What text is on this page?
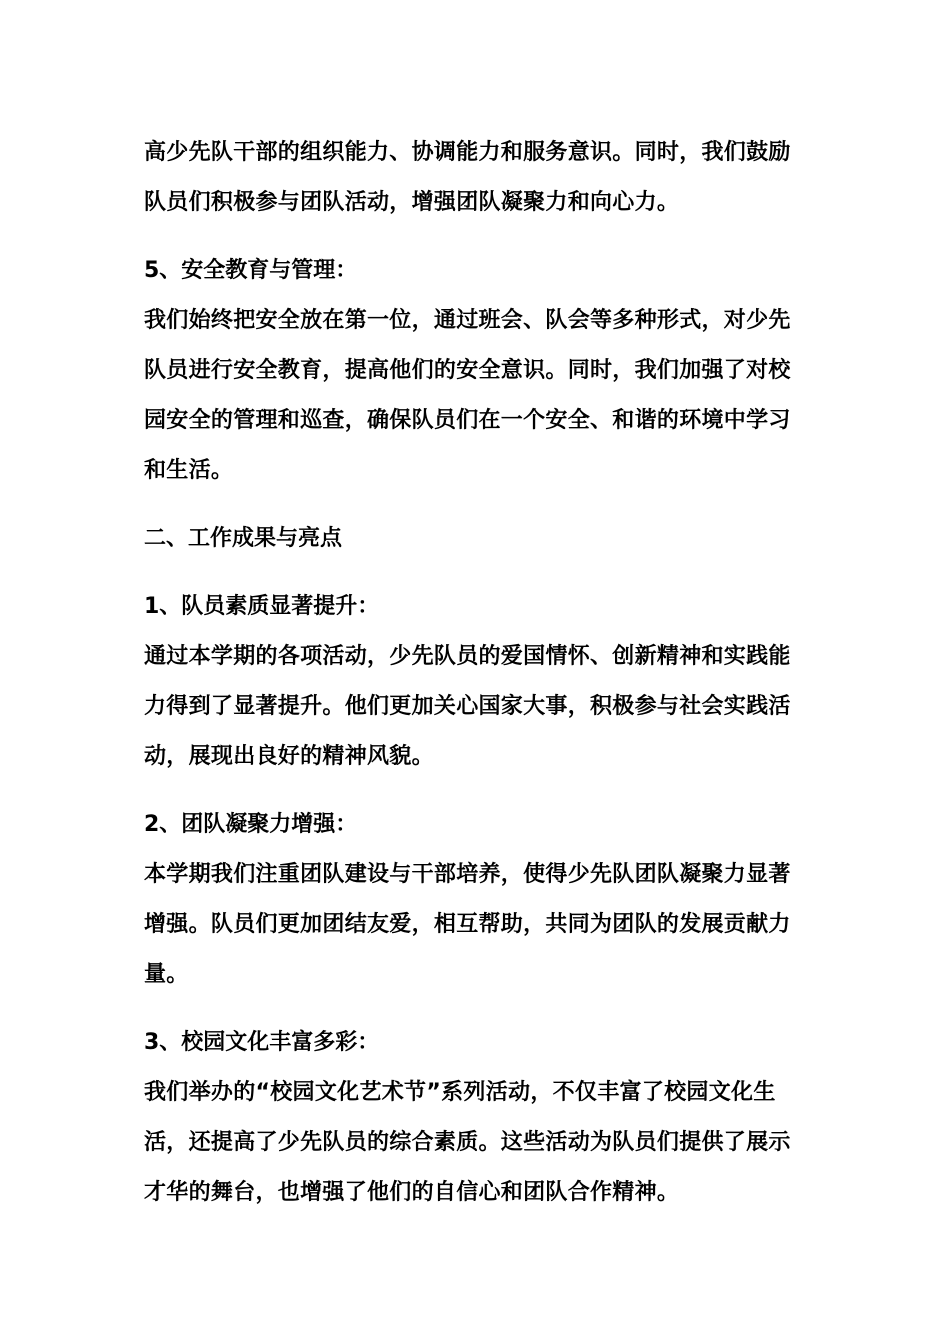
高少先队干部的组织能力、协调能力和服务意识。同时，我们鼓励

队员们积极参与团队活动，增强团队凝聚力和向心力。

5、安全教育与管理：

我们始终把安全放在第一位，通过班会、队会等多种形式，对少先

队员进行安全教育，提高他们的安全意识。同时，我们加强了对校

园安全的管理和巡查，确保队员们在一个安全、和谐的环境中学习

和生活。

二、工作成果与亮点

1、队员素质显著提升：

通过本学期的各项活动，少先队员的爱国情怀、创新精神和实践能

力得到了显著提升。他们更加关心国家大事，积极参与社会实践活

动，展现出良好的精神风貌。

2、团队凝聚力增强：

本学期我们注重团队建设与干部培养，使得少先队团队凝聚力显著

增强。队员们更加团结友爱，相互帮助，共同为团队的发展贡献力

量。

3、校园文化丰富多彩：

我们举办的“校园文化艺术节”系列活动，不仅丰富了校园文化生

活，还提高了少先队员的综合素质。这些活动为队员们提供了展示

才华的舞台，也增强了他们的自信心和团队合作精神。
